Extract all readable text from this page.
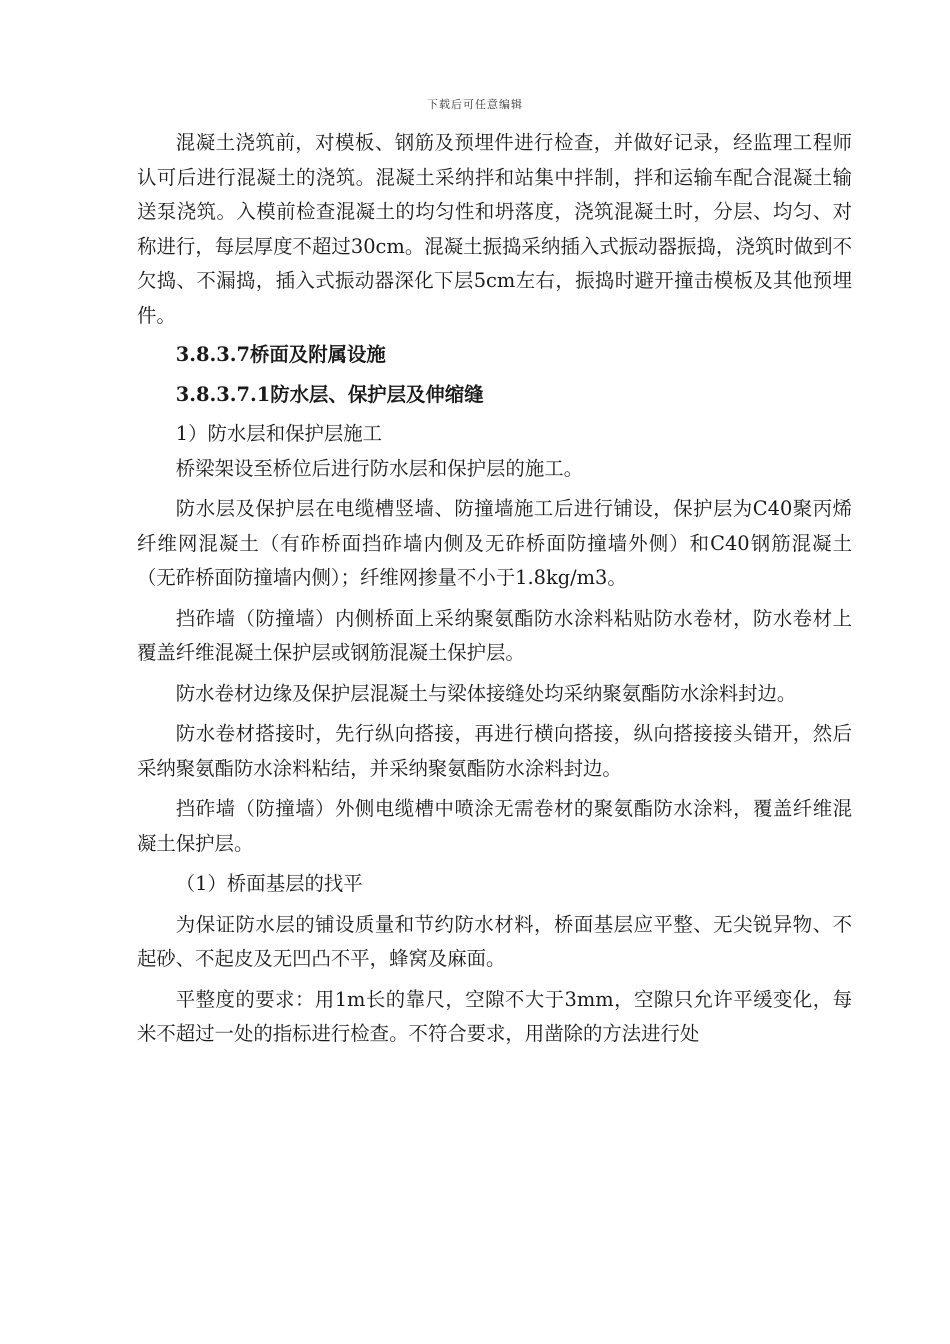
下载后可任意编辑

混凝土浇筑前，对模板、钢筋及预埋件进行检查，并做好记录，经监理工程师认可后进行混凝土的浇筑。混凝土采纳拌和站集中拌制，拌和运输车配合混凝土输送泵浇筑。入模前检查混凝土的均匀性和坍落度，浇筑混凝土时，分层、均匀、对称进行，每层厚度不超过30cm。混凝土振捣采纳插入式振动器振捣，浇筑时做到不欠捣、不漏捣，插入式振动器深化下层5cm左右，振捣时避开撞击模板及其他预埋件。

3.8.3.7桥面及附属设施

3.8.3.7.1防水层、保护层及伸缩缝

1）防水层和保护层施工

桥梁架设至桥位后进行防水层和保护层的施工。

防水层及保护层在电缆槽竖墙、防撞墙施工后进行铺设，保护层为C40聚丙烯纤维网混凝土（有砟桥面挡砟墙内侧及无砟桥面防撞墙外侧）和C40钢筋混凝土（无砟桥面防撞墙内侧）；纤维网掺量不小于1.8kg/m3。

挡砟墙（防撞墙）内侧桥面上采纳聚氨酯防水涂料粘贴防水卷材，防水卷材上覆盖纤维混凝土保护层或钢筋混凝土保护层。

防水卷材边缘及保护层混凝土与梁体接缝处均采纳聚氨酯防水涂料封边。

防水卷材搭接时，先行纵向搭接，再进行横向搭接，纵向搭接接头错开，然后采纳聚氨酯防水涂料粘结，并采纳聚氨酯防水涂料封边。

挡砟墙（防撞墙）外侧电缆槽中喷涂无需卷材的聚氨酯防水涂料，覆盖纤维混凝土保护层。

（1）桥面基层的找平

为保证防水层的铺设质量和节约防水材料，桥面基层应平整、无尖锐异物、不起砂、不起皮及无凹凸不平，蜂窝及麻面。

平整度的要求：用1m长的靠尺，空隙不大于3mm，空隙只允许平缓变化，每米不超过一处的指标进行检查。不符合要求，用凿除的方法进行处
